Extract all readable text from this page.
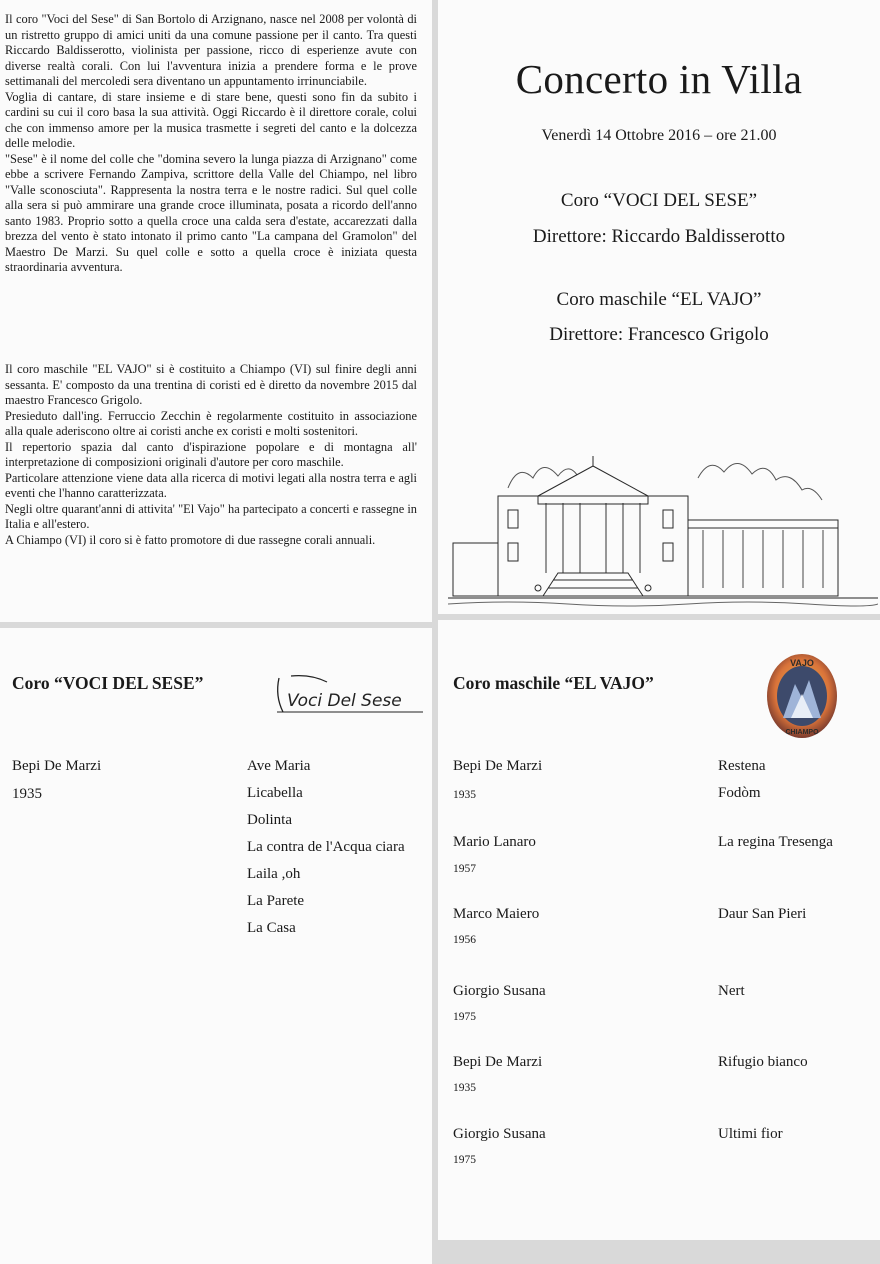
Il coro "Voci del Sese" di San Bortolo di Arzignano, nasce nel 2008 per volontà di un ristretto gruppo di amici uniti da una comune passione per il canto. Tra questi Riccardo Baldisserotto, violinista per passione, ricco di esperienze avute con diverse realtà corali. Con lui l'avventura inizia a prendere forma e le prove settimanali del mercoledi sera diventano un appuntamento irrinunciabile.

Voglia di cantare, di stare insieme e di stare bene, questi sono fin da subito i cardini su cui il coro basa la sua attività. Oggi Riccardo è il direttore corale, colui che con immenso amore per la musica trasmette i segreti del canto e la dolcezza delle melodie.

"Sese" è il nome del colle che "domina severo la lunga piazza di Arzignano" come ebbe a scrivere Fernando Zampiva, scrittore della Valle del Chiampo, nel libro "Valle sconosciuta". Rappresenta la nostra terra e le nostre radici. Sul quel colle alla sera si può ammirare una grande croce illuminata, posata a ricordo dell'anno santo 1983. Proprio sotto a quella croce una calda sera d'estate, accarezzati dalla brezza del vento è stato intonato il primo canto "La campana del Gramolon" del Maestro De Marzi. Su quel colle e sotto a quella croce è iniziata questa straordinaria avventura.

Il coro maschile "EL VAJO" si è costituito a Chiampo (VI) sul finire degli anni sessanta. E' composto da una trentina di coristi ed è diretto da novembre 2015 dal maestro Francesco Grigolo.

Presieduto dall'ing. Ferruccio Zecchin è regolarmente costituito in associazione alla quale aderiscono oltre ai coristi anche ex coristi e molti sostenitori.

Il repertorio spazia dal canto d'ispirazione popolare e di montagna all' interpretazione di composizioni originali d'autore per coro maschile.

Particolare attenzione viene data alla ricerca di motivi legati alla nostra terra e agli eventi che l'hanno caratterizzata.

Negli oltre quarant'anni di attivita' "El Vajo" ha partecipato a concerti e rassegne in Italia e all'estero.

A Chiampo (VI) il coro si è fatto promotore di due rassegne corali annuali.

Concerto in Villa
Venerdì 14 Ottobre 2016 – ore 21.00
Coro “VOCI DEL SESE”
Direttore: Riccardo Baldisserotto
Coro maschile “EL VAJO”
Direttore: Francesco Grigolo
Coro “VOCI DEL SESE”
Voci Del Sese
Bepi De Marzi
1935
Ave Maria
Licabella
Dolinta
La contra de l'Acqua ciara
Laila ,oh
La Parete
La Casa
Coro maschile “EL VAJO”
VAJO
CHIAMPO
Bepi De Marzi
1935
Mario Lanaro
1957
Marco Maiero
1956
Giorgio Susana
1975
Bepi De Marzi
1935
Giorgio Susana
1975
Restena
Fodòm
La regina Tresenga
Daur San Pieri
Nert
Rifugio bianco
Ultimi fior
